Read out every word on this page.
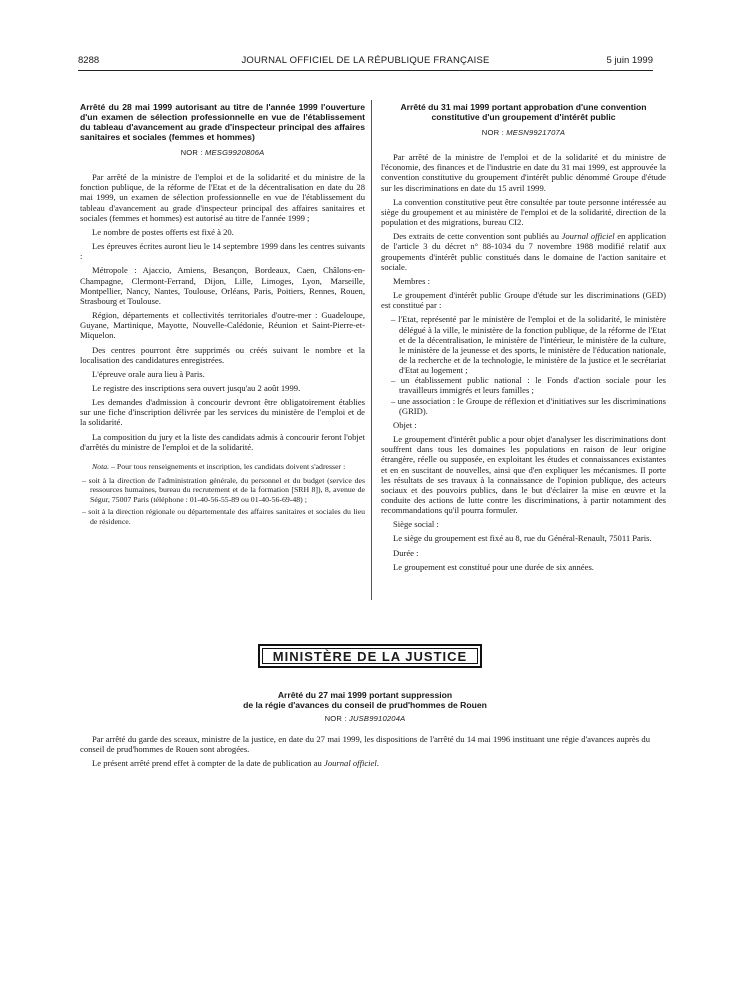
8288	JOURNAL OFFICIEL DE LA RÉPUBLIQUE FRANÇAISE	5 juin 1999
Arrêté du 28 mai 1999 autorisant au titre de l'année 1999 l'ouverture d'un examen de sélection professionnelle en vue de l'établissement du tableau d'avancement au grade d'inspecteur principal des affaires sanitaires et sociales (femmes et hommes)
NOR : MESG9920806A

Par arrêté de la ministre de l'emploi et de la solidarité et du ministre de la fonction publique, de la réforme de l'Etat et de la décentralisation en date du 28 mai 1999, un examen de sélection professionnelle en vue de l'établissement du tableau d'avancement au grade d'inspecteur principal des affaires sanitaires et sociales (femmes et hommes) est autorisé au titre de l'année 1999 ;

Le nombre de postes offerts est fixé à 20.

Les épreuves écrites auront lieu le 14 septembre 1999 dans les centres suivants :

Métropole : Ajaccio, Amiens, Besançon, Bordeaux, Caen, Châlons-en-Champagne, Clermont-Ferrand, Dijon, Lille, Limoges, Lyon, Marseille, Montpellier, Nancy, Nantes, Toulouse, Orléans, Paris, Poitiers, Rennes, Rouen, Strasbourg et Toulouse.

Région, départements et collectivités territoriales d'outre-mer : Guadeloupe, Guyane, Martinique, Mayotte, Nouvelle-Calédonie, Réunion et Saint-Pierre-et-Miquelon.

Des centres pourront être supprimés ou créés suivant le nombre et la localisation des candidatures enregistrées.

L'épreuve orale aura lieu à Paris.

Le registre des inscriptions sera ouvert jusqu'au 2 août 1999.

Les demandes d'admission à concourir devront être obligatoirement établies sur une fiche d'inscription délivrée par les services du ministère de l'emploi et de la solidarité.

La composition du jury et la liste des candidats admis à concourir feront l'objet d'arrêtés du ministre de l'emploi et de la solidarité.

Nota. – Pour tous renseignements et inscription, les candidats doivent s'adresser :

– soit à la direction de l'administration générale, du personnel et du budget (service des ressources humaines, bureau du recrutement et de la formation [SRH 8]), 8, avenue de Ségur, 75007 Paris (téléphone : 01-40-56-55-89 ou 01-40-56-69-48) ;
– soit à la direction régionale ou départementale des affaires sanitaires et sociales du lieu de résidence.
Arrêté du 31 mai 1999 portant approbation d'une convention constitutive d'un groupement d'intérêt public
NOR : MESN9921707A

Par arrêté de la ministre de l'emploi et de la solidarité et du ministre de l'économie, des finances et de l'industrie en date du 31 mai 1999, est approuvée la convention constitutive du groupement d'intérêt public dénommé Groupe d'étude sur les discriminations en date du 15 avril 1999.

La convention constitutive peut être consultée par toute personne intéressée au siège du groupement et au ministère de l'emploi et de la solidarité, direction de la population et des migrations, bureau CI2.

Des extraits de cette convention sont publiés au Journal officiel en application de l'article 3 du décret n° 88-1034 du 7 novembre 1988 modifié relatif aux groupements d'intérêt public constitués dans le domaine de l'action sanitaire et sociale.

Membres :

Le groupement d'intérêt public Groupe d'étude sur les discriminations (GED) est constitué par :

– l'Etat, représenté par le ministère de l'emploi et de la solidarité, le ministère délégué à la ville, le ministère de la fonction publique, de la réforme de l'Etat et de la décentralisation, le ministère de l'intérieur, le ministère de la culture, le ministère de la jeunesse et des sports, le ministère de l'éducation nationale, de la recherche et de la technologie, le ministère de la justice et le secrétariat d'Etat au logement ;
– un établissement public national : le Fonds d'action sociale pour les travailleurs immigrés et leurs familles ;
– une association : le Groupe de réflexion et d'initiatives sur les discriminations (GRID).

Objet :

Le groupement d'intérêt public a pour objet d'analyser les discriminations dont souffrent dans tous les domaines les populations en raison de leur origine étrangère, réelle ou supposée, en exploitant les études et connaissances existantes et en en suscitant de nouvelles, ainsi que d'en expliquer les mécanismes. Il porte les résultats de ses travaux à la connaissance de l'opinion publique, des acteurs sociaux et des pouvoirs publics, dans le but d'éclairer la mise en œuvre et la conduite des actions de lutte contre les discriminations, à partir notamment des recommandations qu'il pourra formuler.

Siège social :

Le siège du groupement est fixé au 8, rue du Général-Renault, 75011 Paris.

Durée :

Le groupement est constitué pour une durée de six années.

MINISTÈRE DE LA JUSTICE
Arrêté du 27 mai 1999 portant suppression
de la régie d'avances du conseil de prud'hommes de Rouen
NOR : JUSB9910204A

Par arrêté du garde des sceaux, ministre de la justice, en date du 27 mai 1999, les dispositions de l'arrêté du 14 mai 1996 instituant une régie d'avances auprès du conseil de prud'hommes de Rouen sont abrogées.

Le présent arrêté prend effet à compter de la date de publication au Journal officiel.
